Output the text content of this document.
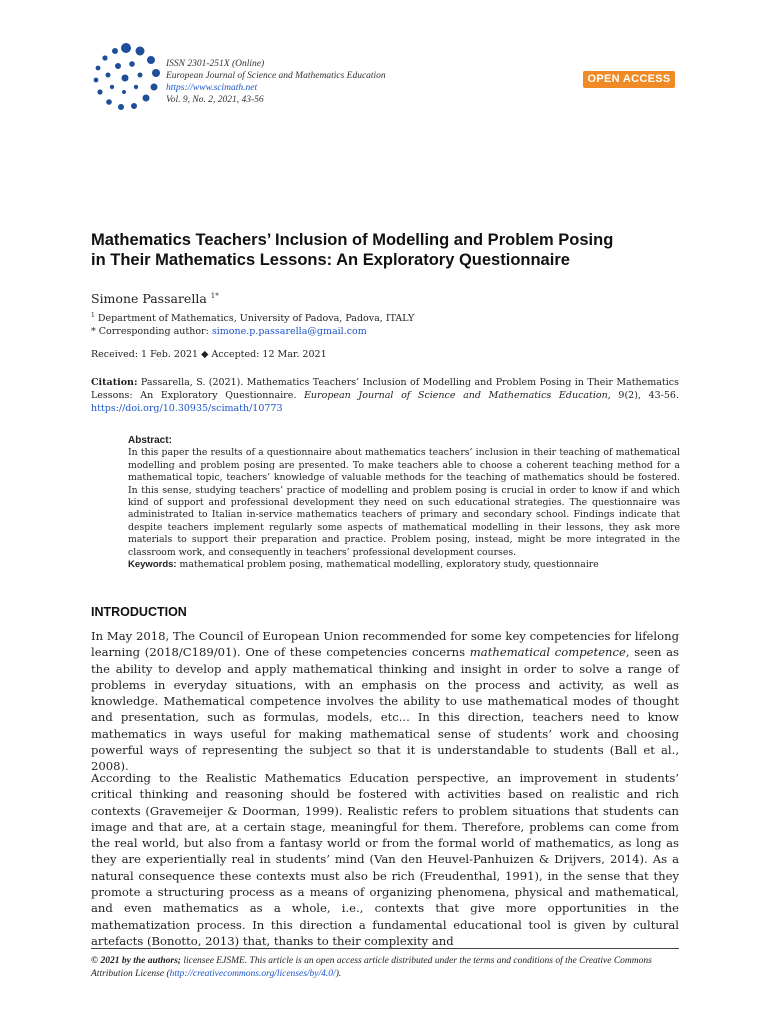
ISSN 2301-251X (Online)
European Journal of Science and Mathematics Education
https://www.scimath.net
Vol. 9, No. 2, 2021, 43-56
OPEN ACCESS
Mathematics Teachers’ Inclusion of Modelling and Problem Posing
in Their Mathematics Lessons: An Exploratory Questionnaire
Simone Passarella $^{1*}$
$^1$ Department of Mathematics, University of Padova, Padova, ITALY
* Corresponding author: simone.p.passarella@gmail.com
Received: 1 Feb. 2021 ◆ Accepted: 12 Mar. 2021
Citation: Passarella, S. (2021). Mathematics Teachers’ Inclusion of Modelling and Problem Posing in Their Mathematics Lessons: An Exploratory Questionnaire. European Journal of Science and Mathematics Education, 9(2), 43-56. https://doi.org/10.30935/scimath/10773
Abstract:
In this paper the results of a questionnaire about mathematics teachers’ inclusion in their teaching of mathematical modelling and problem posing are presented. To make teachers able to choose a coherent teaching method for a mathematical topic, teachers’ knowledge of valuable methods for the teaching of mathematics should be fostered. In this sense, studying teachers’ practice of modelling and problem posing is crucial in order to know if and which kind of support and professional development they need on such educational strategies. The questionnaire was administrated to Italian in-service mathematics teachers of primary and secondary school. Findings indicate that despite teachers implement regularly some aspects of mathematical modelling in their lessons, they ask more materials to support their preparation and practice. Problem posing, instead, might be more integrated in the classroom work, and consequently in teachers’ professional development courses.
Keywords: mathematical problem posing, mathematical modelling, exploratory study, questionnaire
INTRODUCTION

In May 2018, The Council of European Union recommended for some key competencies for lifelong learning (2018/C189/01). One of these competencies concerns mathematical competence, seen as the ability to develop and apply mathematical thinking and insight in order to solve a range of problems in everyday situations, with an emphasis on the process and activity, as well as knowledge. Mathematical competence involves the ability to use mathematical modes of thought and presentation, such as formulas, models, etc... In this direction, teachers need to know mathematics in ways useful for making mathematical sense of students’ work and choosing powerful ways of representing the subject so that it is understandable to students (Ball et al., 2008).

According to the Realistic Mathematics Education perspective, an improvement in students’ critical thinking and reasoning should be fostered with activities based on realistic and rich contexts (Gravemeijer & Doorman, 1999). Realistic refers to problem situations that students can image and that are, at a certain stage, meaningful for them. Therefore, problems can come from the real world, but also from a fantasy world or from the formal world of mathematics, as long as they are experientially real in students’ mind (Van den Heuvel-Panhuizen & Drijvers, 2014). As a natural consequence these contexts must also be rich (Freudenthal, 1991), in the sense that they promote a structuring process as a means of organizing phenomena, physical and mathematical, and even mathematics as a whole, i.e., contexts that give more opportunities in the mathematization process. In this direction a fundamental educational tool is given by cultural artefacts (Bonotto, 2013) that, thanks to their complexity and

© 2021 by the authors; licensee EJSME. This article is an open access article distributed under the terms and conditions of the Creative Commons Attribution License (http://creativecommons.org/licenses/by/4.0/).
